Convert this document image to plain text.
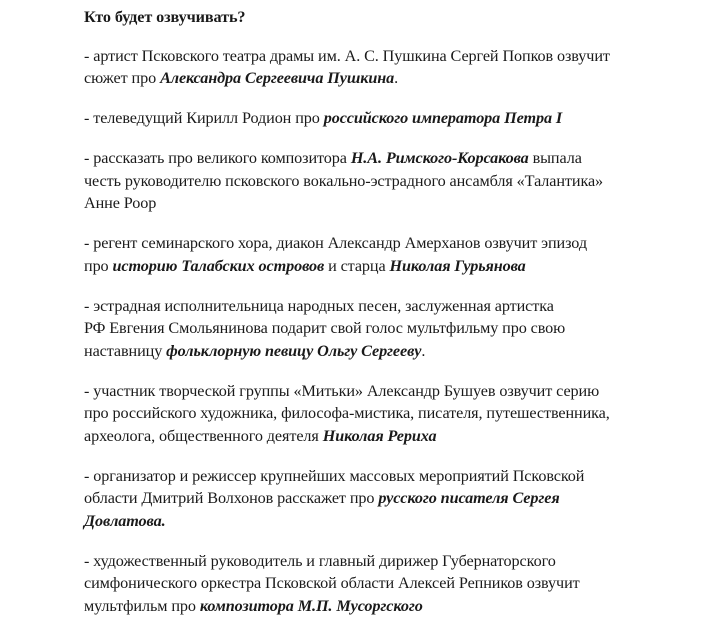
Кто будет озвучивать?
- артист Псковского театра драмы им. А. С. Пушкина Сергей Попков озвучит
сюжет про Александра Сергеевича Пушкина.
- телеведущий Кирилл Родион про российского императора Петра I
- рассказать про великого композитора Н.А. Римского-Корсакова выпала
честь руководителю псковского вокально-эстрадного ансамбля «Талантика»
Анне Роор
- регент семинарского хора, диакон Александр Амерханов озвучит эпизод
про историю Талабских островов и старца Николая Гурьянова
- эстрадная исполнительница народных песен, заслуженная артистка
РФ Евгения Смольянинова подарит свой голос мультфильму про свою
наставницу фольклорную певицу Ольгу Сергееву.
- участник творческой группы «Митьки» Александр Бушуев озвучит серию
про российского художника, философа-мистика, писателя, путешественника,
археолога, общественного деятеля Николая Рериха
- организатор и режиссер крупнейших массовых мероприятий Псковской
области Дмитрий Волхонов расскажет про русского писателя Сергея
Довлатова.
- художественный руководитель и главный дирижер Губернаторского
симфонического оркестра Псковской области Алексей Репников озвучит
мультфильм про композитора М.П. Мусоргского
